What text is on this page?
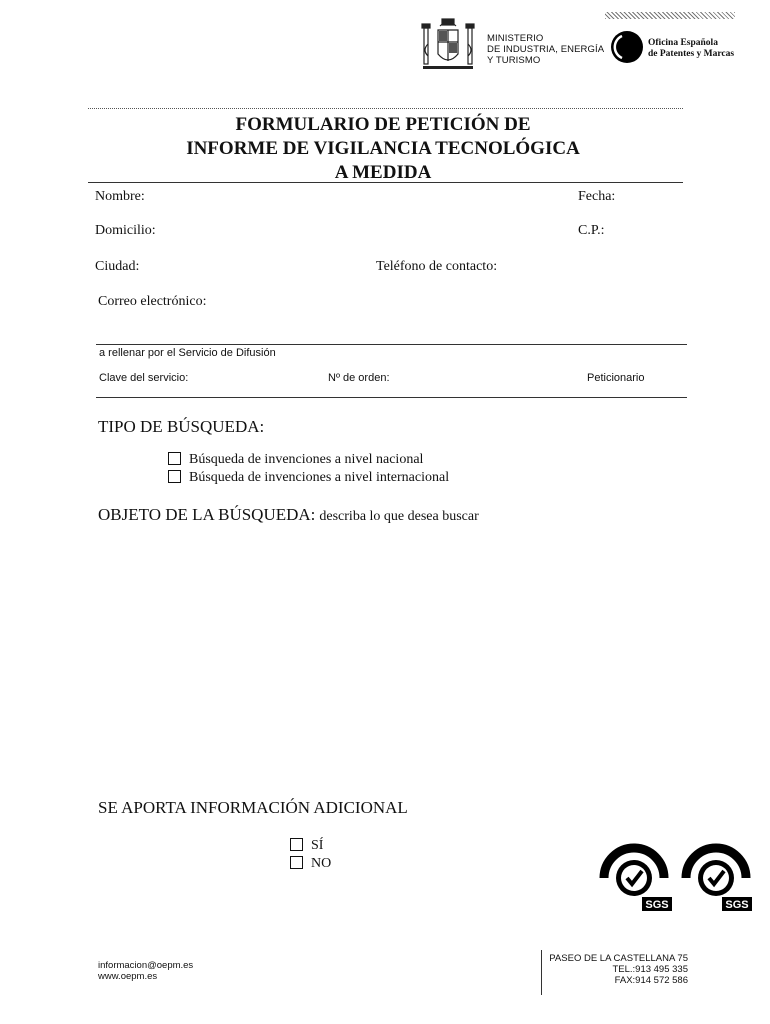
MINISTERIO
DE INDUSTRIA, ENERGÍA
Y TURISMO
Oficina Española
de Patentes y Marcas
FORMULARIO DE PETICIÓN DE
INFORME DE VIGILANCIA TECNOLÓGICA
A MEDIDA
Nombre:	Fecha:
Domicilio:	C.P.:
Ciudad:	Teléfono de contacto:
Correo electrónico:
a rellenar por el Servicio de Difusión
Clave del servicio:	Nº de orden:	Peticionario
TIPO DE BÚSQUEDA:
Búsqueda de invenciones a nivel nacional
Búsqueda de invenciones a nivel internacional
OBJETO DE LA BÚSQUEDA: describa lo que desea buscar
SE APORTA INFORMACIÓN ADICIONAL
SÍ
NO
SGS	SGS
informacion@oepm.es
www.oepm.es
PASEO DE LA CASTELLANA 75
TEL.:913 495 335
FAX:914 572 586
